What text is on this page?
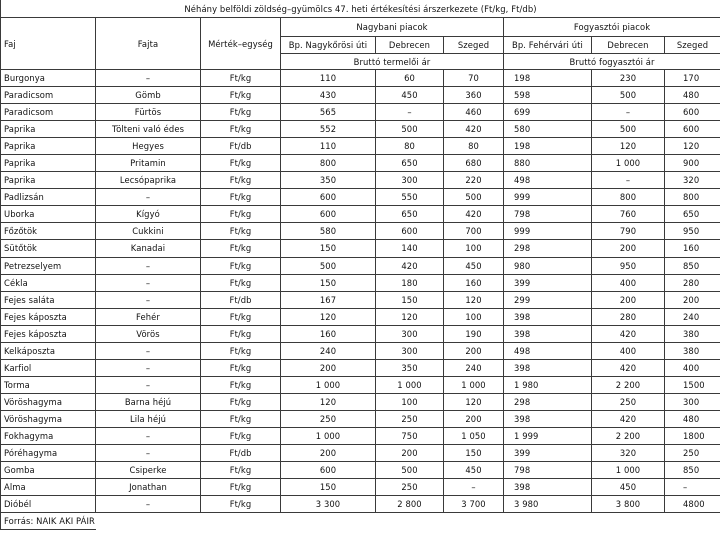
Néhány belföldi zöldség–gyümölcs 47. heti értékesítési árszerkezete (Ft/kg, Ft/db)								
Faj	Fajta	Mérték–egység	Nagybani piacok			Fogyasztói piacok		
			Bp. Nagykőrösi úti	Debrecen	Szeged	Bp. Fehérvári úti	Debrecen	Szeged
			Bruttó termelői ár			Bruttó fogyasztói ár		
Burgonya	–	Ft/kg	110	60	70	198	230	170
Paradicsom	Gömb	Ft/kg	430	450	360	598	500	480
Paradicsom	Fürtös	Ft/kg	565	–	460	699	–	600
Paprika	Tölteni való édes	Ft/kg	552	500	420	580	500	600
Paprika	Hegyes	Ft/db	110	80	80	198	120	120
Paprika	Pritamin	Ft/kg	800	650	680	880	1 000	900
Paprika	Lecsópaprika	Ft/kg	350	300	220	498	–	320
Padlizsán	–	Ft/kg	600	550	500	999	800	800
Uborka	Kígyó	Ft/kg	600	650	420	798	760	650
Főzőtök	Cukkini	Ft/kg	580	600	700	999	790	950
Sütőtök	Kanadai	Ft/kg	150	140	100	298	200	160
Petrezselyem	–	Ft/kg	500	420	450	980	950	850
Cékla	–	Ft/kg	150	180	160	399	400	280
Fejes saláta	–	Ft/db	167	150	120	299	200	200
Fejes káposzta	Fehér	Ft/kg	120	120	100	398	280	240
Fejes káposzta	Vörös	Ft/kg	160	300	190	398	420	380
Kelkáposzta	–	Ft/kg	240	300	200	498	400	380
Karfiol	–	Ft/kg	200	350	240	398	420	400
Torma	–	Ft/kg	1 000	1 000	1 000	1 980	2 200	1500
Vöröshagyma	Barna héjú	Ft/kg	120	100	120	298	250	300
Vöröshagyma	Lila héjú	Ft/kg	250	250	200	398	420	480
Fokhagyma	–	Ft/kg	1 000	750	1 050	1 999	2 200	1800
Póréhagyma	–	Ft/db	200	200	150	399	320	250
Gomba	Csiperke	Ft/kg	600	500	450	798	1 000	850
Alma	Jonathan	Ft/kg	150	250	–	398	450	–
Dióbél	–	Ft/kg	3 300	2 800	3 700	3 980	3 800	4800
Forrás: NAIK AKI PÁIR								
